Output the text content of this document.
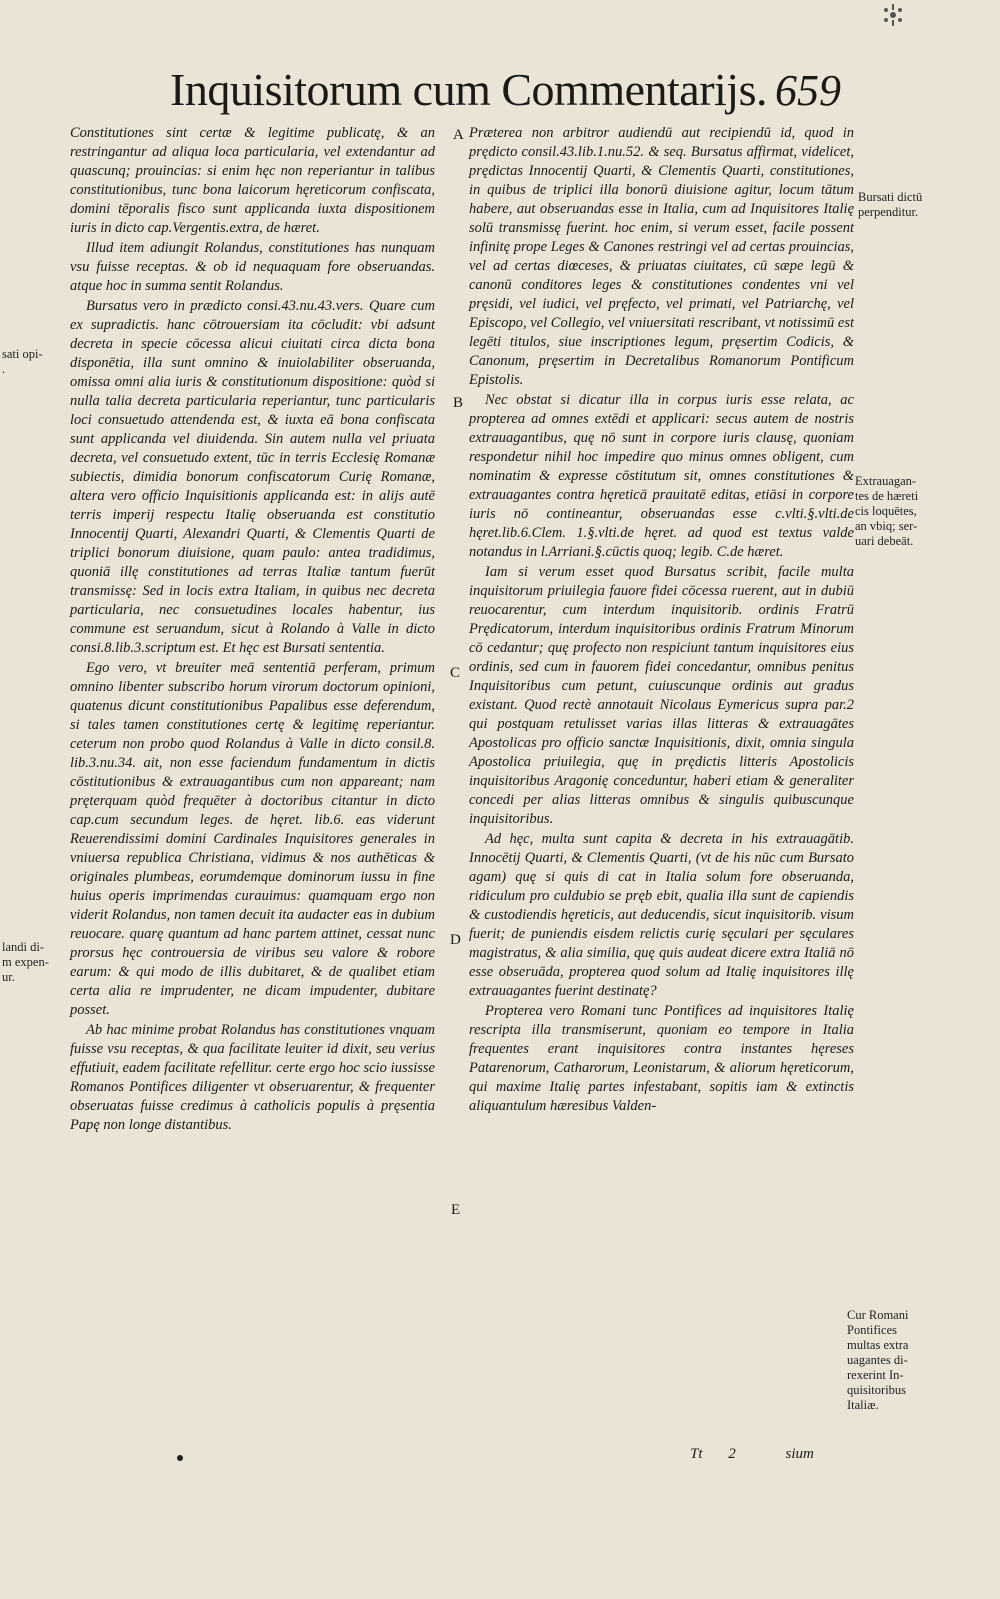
Inquisitorum cum Commentarijs. 659

Constitutiones sint certæ & legitime publicatę, & an restringantur ad aliqua loca particularia, vel extendantur ad quascunq; prouincias: si enim hęc non reperiantur in talibus constitutionibus, tunc bona laicorum hęreticorum confiscata, domini tēporalis fisco sunt applicanda iuxta dispositionem iuris in dicto cap.Vergentis.extra, de hæret.

Illud item adiungit Rolandus, constitutiones has nunquam vsu fuisse receptas. & ob id nequaquam fore obseruandas. atque hoc in summa sentit Rolandus.

Bursatus vero in prædicto consi.43.nu.43.vers. Quare cum ex supradictis. hanc cōtrouersiam ita cōcludit: vbi adsunt decreta in specie cōcessa alicui ciuitati circa dicta bona disponētia, illa sunt omnino & inuiolabiliter obseruanda, omissa omni alia iuris & constitutionum dispositione: quòd si nulla talia decreta particularia reperiantur, tunc particularis loci consuetudo attendenda est, & iuxta eā bona confiscata sunt applicanda vel diuidenda. Sin autem nulla vel priuata decreta, vel consuetudo extent, tūc in terris Ecclesię Romanæ subiectis, dimidia bonorum confiscatorum Curię Romanæ, altera vero officio Inquisitionis applicanda est: in alijs autē terris imperij respectu Italię obseruanda est constitutio Innocentij Quarti, Alexandri Quarti, & Clementis Quarti de triplici bonorum diuisione, quam paulo: antea tradidimus, quoniā illę constitutiones ad terras Italiæ tantum fuerūt transmissę: Sed in locis extra Italiam, in quibus nec decreta particularia, nec consuetudines locales habentur, ius commune est seruandum, sicut à Rolando à Valle in dicto consi.8.lib.3.scriptum est. Et hęc est Bursati sententia.

Ego vero, vt breuiter meā sententiā perferam, primum omnino libenter subscribo horum virorum doctorum opinioni, quatenus dicunt constitutionibus Papalibus esse deferendum, si tales tamen constitutiones certę & legitimę reperiantur. ceterum non probo quod Rolandus à Valle in dicto consil.8. lib.3.nu.34. ait, non esse faciendum fundamentum in dictis cōstitutionibus & extrauagantibus cum non appareant; nam pręterquam quòd frequēter à doctoribus citantur in dicto cap.cum secundum leges. de hęret. lib.6. eas viderunt Reuerendissimi domini Cardinales Inquisitores generales in vniuersa republica Christiana, vidimus & nos authēticas & originales plumbeas, eorumdemque dominorum iussu in fine huius operis imprimendas curauimus: quamquam ergo non viderit Rolandus, non tamen decuit ita audacter eas in dubium reuocare. quarę quantum ad hanc partem attinet, cessat nunc prorsus hęc controuersia de viribus seu valore & robore earum: & qui modo de illis dubitaret, & de qualibet etiam certa alia re imprudenter, ne dicam impudenter, dubitare posset.

Ab hac minime probat Rolandus has constitutiones vnquam fuisse vsu receptas, & qua facilitate leuiter id dixit, seu verius effutiuit, eadem facilitate refellitur. certe ergo hoc scio iussisse Romanos Pontifices diligenter vt obseruarentur, & frequenter obseruatas fuisse credimus à catholicis populis à pręsentia Papę non longe distantibus.

Præterea non arbitror audiendū aut recipiendū id, quod in prędicto consil.43.lib.1.nu.52. & seq. Bursatus affirmat, videlicet, prędictas Innocentij Quarti, & Clementis Quarti, constitutiones, in quibus de triplici illa bonorū diuisione agitur, locum tātum habere, aut obseruandas esse in Italia, cum ad Inquisitores Italię solū transmissę fuerint. hoc enim, si verum esset, facile possent infinitę prope Leges & Canones restringi vel ad certas prouincias, vel ad certas diœceses, & priuatas ciuitates, cū sæpe legū & canonū conditores leges & constitutiones condentes vni vel pręsidi, vel iudici, vel pręfecto, vel primati, vel Patriarchę, vel Episcopo, vel Collegio, vel vniuersitati rescribant, vt notissimū est legēti titulos, siue inscriptiones legum, pręsertim Codicis, & Canonum, pręsertim in Decretalibus Romanorum Pontificum Epistolis.

Nec obstat si dicatur illa in corpus iuris esse relata, ac propterea ad omnes extēdi et applicari: secus autem de nostris extrauagantibus, quę nō sunt in corpore iuris clausę, quoniam respondetur nihil hoc impedire quo minus omnes obligent, cum nominatim & expresse cōstitutum sit, omnes constitutiones & extrauagantes contra hęreticā prauitatē editas, etiāsi in corpore iuris nō contineantur, obseruandas esse c.vlti.§.vlti.de hęret.lib.6.Clem. 1.§.vlti.de hęret. ad quod est textus valde notandus in l.Arriani.§.cūctis quoq; legib. C.de hæret.

Iam si verum esset quod Bursatus scribit, facile multa inquisitorum priuilegia fauore fidei cōcessa ruerent, aut in dubiū reuocarentur, cum interdum inquisitorib. ordinis Fratrū Prędicatorum, interdum inquisitoribus ordinis Fratrum Minorum cō cedantur; quę profecto non respiciunt tantum inquisitores eius ordinis, sed cum in fauorem fidei concedantur, omnibus penitus Inquisitoribus cum petunt, cuiuscunque ordinis aut gradus existant. Quod rectè annotauit Nicolaus Eymericus supra par.2 qui postquam retulisset varias illas litteras & extrauagātes Apostolicas pro officio sanctæ Inquisitionis, dixit, omnia singula Apostolica priuilegia, quę in prędictis litteris Apostolicis inquisitoribus Aragonię conceduntur, haberi etiam & generaliter concedi per alias litteras omnibus & singulis quibuscunque inquisitoribus.

Ad hęc, multa sunt capita & decreta in his extrauagātib. Innocētij Quarti, & Clementis Quarti, (vt de his nūc cum Bursato agam) quę si quis di cat in Italia solum fore obseruanda, ridiculum pro culdubio se pręb ebit, qualia illa sunt de capiendis & custodiendis hęreticis, aut deducendis, sicut inquisitorib. visum fuerit; de puniendis eisdem relictis curię sęculari per sęculares magistratus, & alia similia, quę quis audeat dicere extra Italiā nō esse obseruāda, propterea quod solum ad Italię inquisitores illę extrauagantes fuerint destinatę?

Propterea vero Romani tunc Pontifices ad inquisitores Italię rescripta illa transmiserunt, quoniam eo tempore in Italia frequentes erant inquisitores contra instantes hęreses Patarenorum, Catharorum, Leonistarum, & aliorum hęreticorum, qui maxime Italię partes infestabant, sopitis iam & extinctis aliquantulum hæresibus Valden-

A
B
C
D
E
sati opi-
.
landi di-
m expen-
ur.
Bursati dictū
perpenditur.
Extrauagan-
tes de hæreti
cis loquētes,
an vbiq; ser-
uari debeāt.
Cur Romani
Pontifices
multas extra
uagantes di-
rexerint In-
quisitoribus
Italiæ.
Tt 2	sium
